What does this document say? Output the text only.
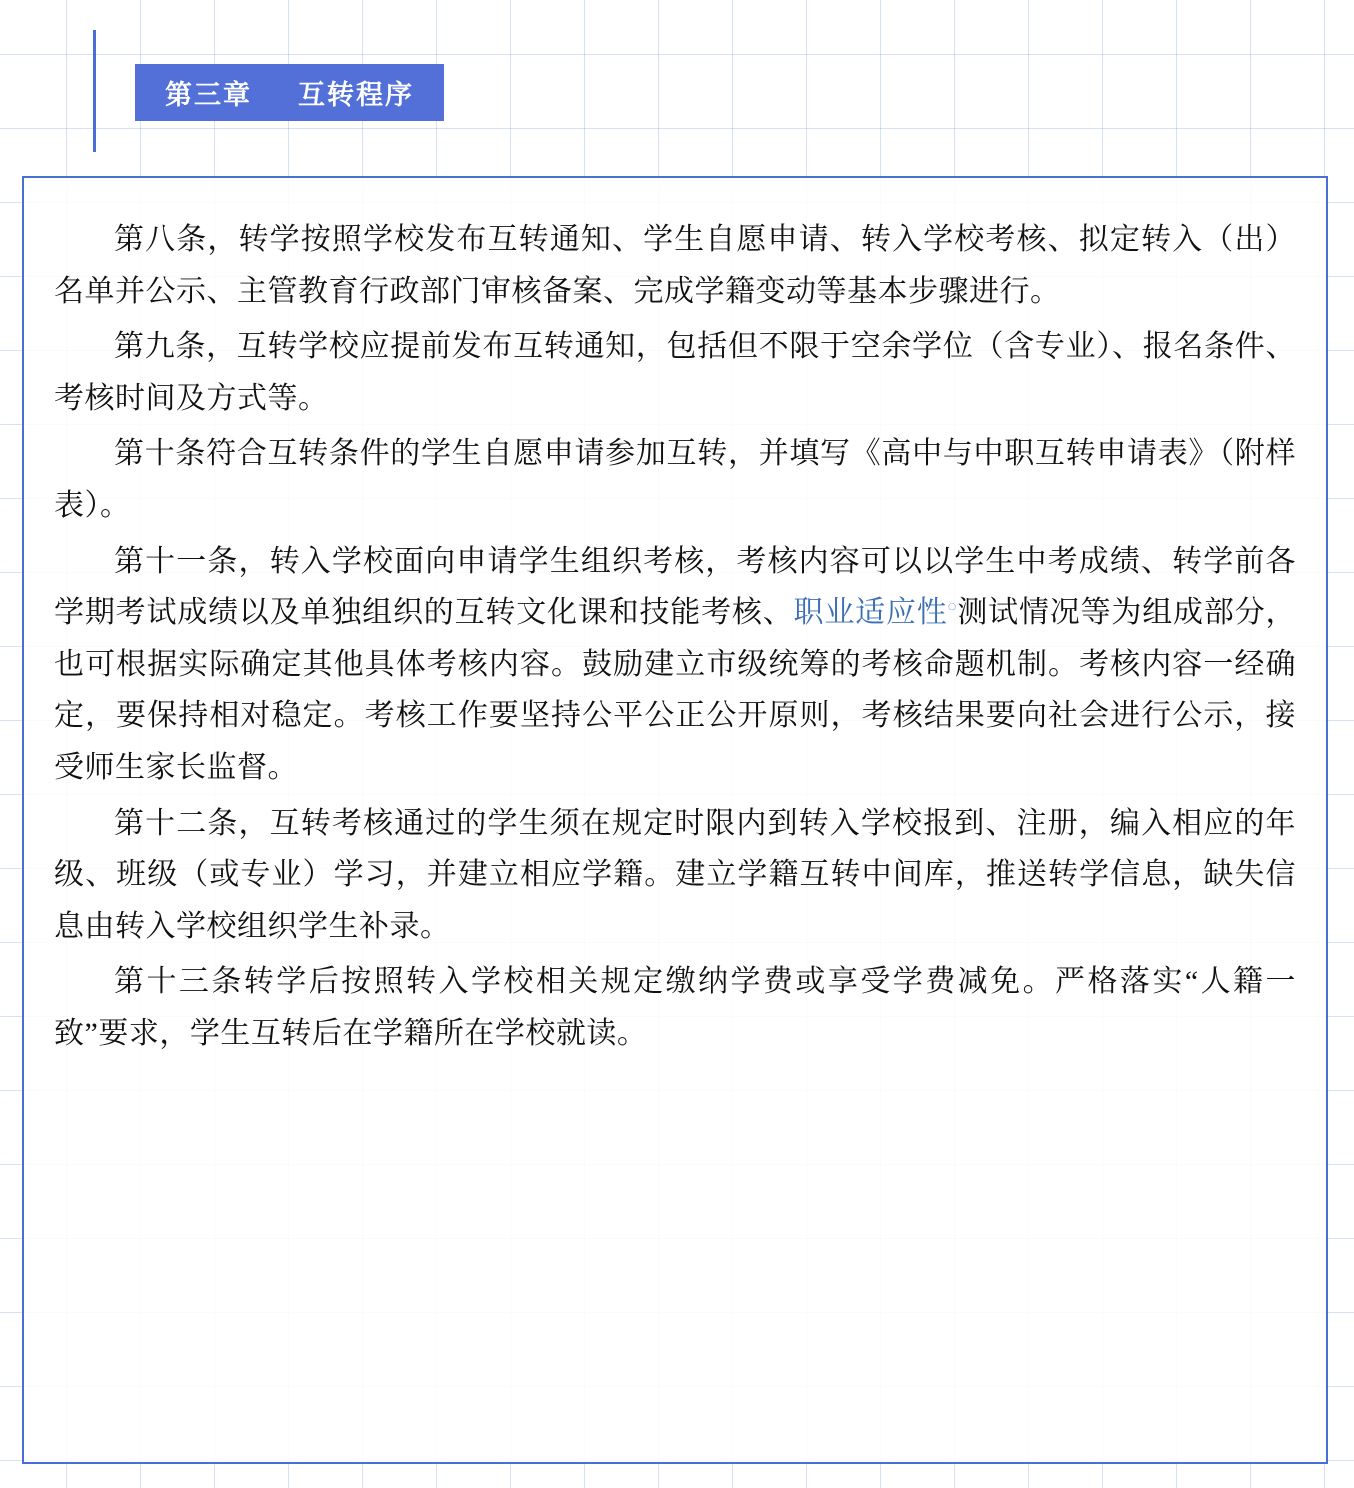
第三章 互转程序

第八条，转学按照学校发布互转通知、学生自愿申请、转入学校考核、拟定转入（出）名单并公示、主管教育行政部门审核备案、完成学籍变动等基本步骤进行。

第九条，互转学校应提前发布互转通知，包括但不限于空余学位（含专业）、报名条件、考核时间及方式等。

第十条符合互转条件的学生自愿申请参加互转，并填写《高中与中职互转申请表》（附样表）。

第十一条，转入学校面向申请学生组织考核，考核内容可以以学生中考成绩、转学前各学期考试成绩以及单独组织的互转文化课和技能考核、职业适应性◌测试情况等为组成部分，也可根据实际确定其他具体考核内容。鼓励建立市级统筹的考核命题机制。考核内容一经确定，要保持相对稳定。考核工作要坚持公平公正公开原则，考核结果要向社会进行公示，接受师生家长监督。

第十二条，互转考核通过的学生须在规定时限内到转入学校报到、注册，编入相应的年级、班级（或专业）学习，并建立相应学籍。建立学籍互转中间库，推送转学信息，缺失信息由转入学校组织学生补录。

第十三条转学后按照转入学校相关规定缴纳学费或享受学费减免。严格落实“人籍一致”要求，学生互转后在学籍所在学校就读。
